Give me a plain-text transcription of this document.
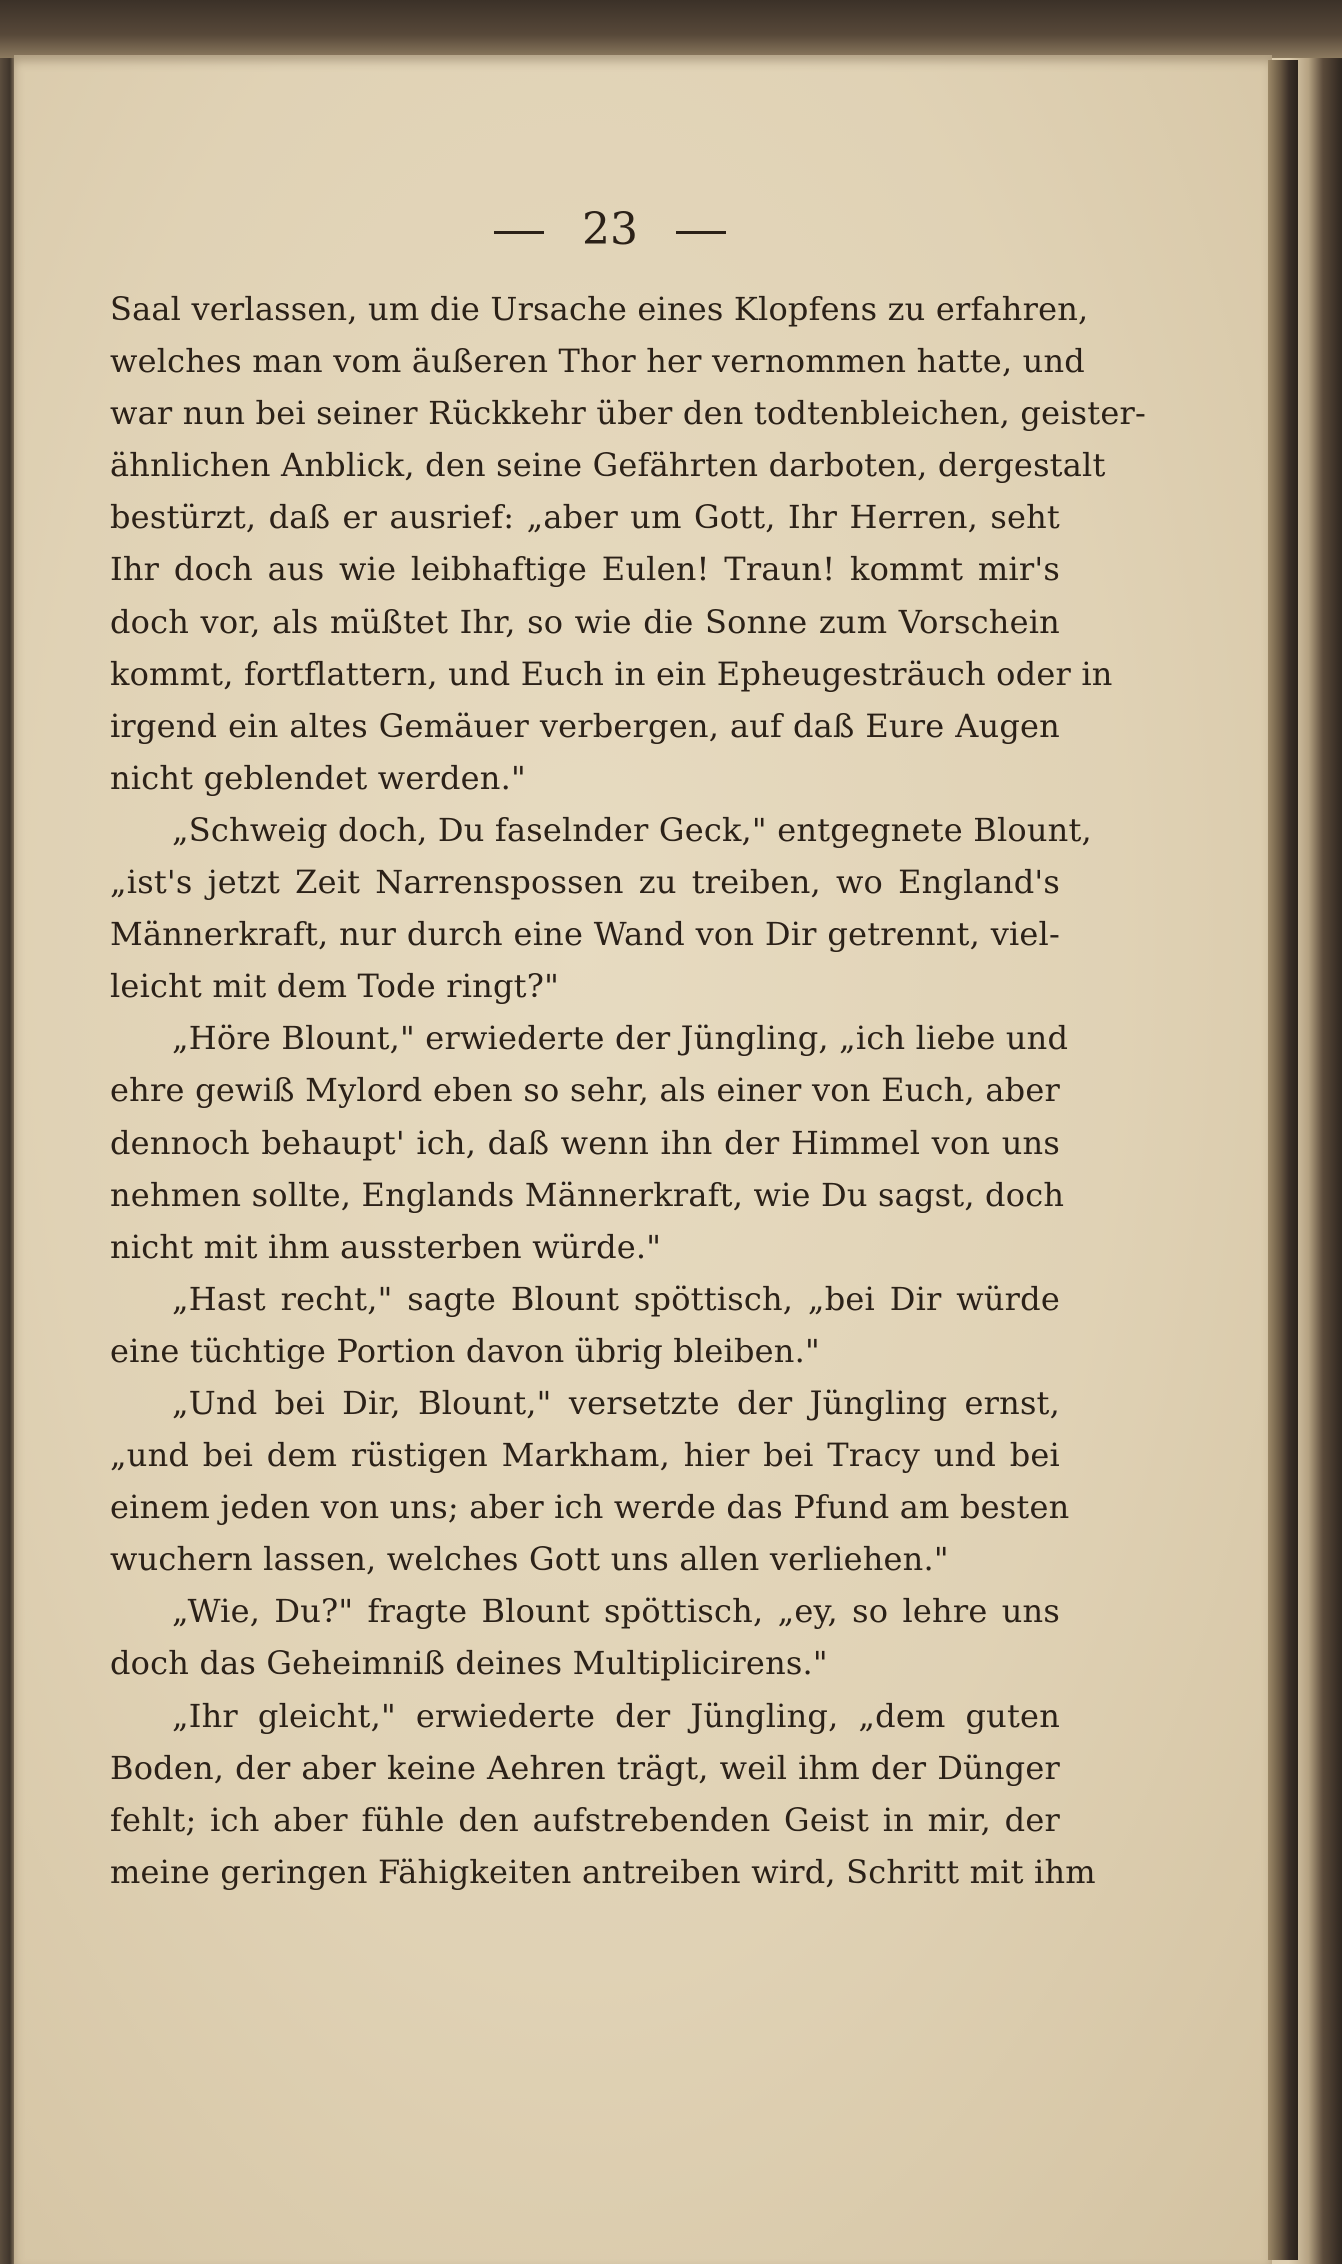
23
Saal verlassen, um die Ursache eines Klopfens zu erfahren,
welches man vom äußeren Thor her vernommen hatte, und
war nun bei seiner Rückkehr über den todtenbleichen, geister-
ähnlichen Anblick, den seine Gefährten darboten, dergestalt
bestürzt, daß er ausrief: „aber um Gott, Ihr Herren, seht
Ihr doch aus wie leibhaftige Eulen! Traun! kommt mir's
doch vor, als müßtet Ihr, so wie die Sonne zum Vorschein
kommt, fortflattern, und Euch in ein Epheugesträuch oder in
irgend ein altes Gemäuer verbergen, auf daß Eure Augen
nicht geblendet werden."
„Schweig doch, Du faselnder Geck," entgegnete Blount,
„ist's jetzt Zeit Narrenspossen zu treiben, wo England's
Männerkraft, nur durch eine Wand von Dir getrennt, viel-
leicht mit dem Tode ringt?"
„Höre Blount," erwiederte der Jüngling, „ich liebe und
ehre gewiß Mylord eben so sehr, als einer von Euch, aber
dennoch behaupt' ich, daß wenn ihn der Himmel von uns
nehmen sollte, Englands Männerkraft, wie Du sagst, doch
nicht mit ihm aussterben würde."
„Hast recht," sagte Blount spöttisch, „bei Dir würde
eine tüchtige Portion davon übrig bleiben."
„Und bei Dir, Blount," versetzte der Jüngling ernst,
„und bei dem rüstigen Markham, hier bei Tracy und bei
einem jeden von uns; aber ich werde das Pfund am besten
wuchern lassen, welches Gott uns allen verliehen."
„Wie, Du?" fragte Blount spöttisch, „ey, so lehre uns
doch das Geheimniß deines Multiplicirens."
„Ihr gleicht," erwiederte der Jüngling, „dem guten
Boden, der aber keine Aehren trägt, weil ihm der Dünger
fehlt; ich aber fühle den aufstrebenden Geist in mir, der
meine geringen Fähigkeiten antreiben wird, Schritt mit ihm
